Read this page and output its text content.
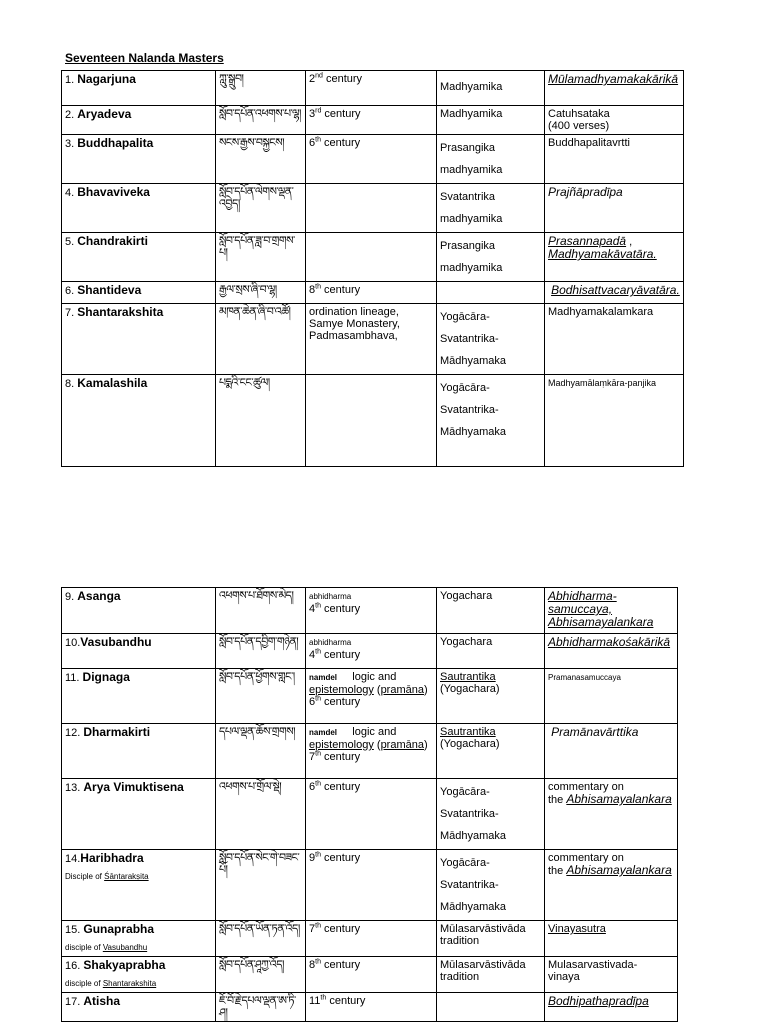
Seventeen Nalanda Masters
1. Nagarjuna	ཀླུ་སྒྲུབ།	2nd century	Madhyamika	Mūlamadhyamakakārikā
2. Aryadeva	སློབ་དཔོན་འཕགས་པ་ལྷ།	3rd century	Madhyamika	Catuhsataka
(400 verses)
3. Buddhapalita	སངས་རྒྱས་བསྐྱངས།	6th century	Prasangika
madhyamika	Buddhapalitavrtti
4. Bhavaviveka	སློབ་དཔོན་ལེགས་ལྡན་འབྱེད།		Svatantrika
madhyamika	Prajñāpradīpa
5. Chandrakirti	སློབ་དཔོན་ཟླ་བ་གྲགས་པ།		Prasangika
madhyamika	Prasannapadā ,
Madhyamakāvatāra.
6. Shantideva	རྒྱལ་སྲས་ཞི་བ་ལྷ།	8th century		Bodhisattvacaryāvatāra.
7. Shantarakshita	མཁན་ཆེན་ཞི་བ་འཚོ།	ordination lineage,
Samye Monastery,
Padmasambhava,	Yogācāra-
Svatantrika-
Mādhyamaka	Madhyamakalamkara
8. Kamalashila	པདྨའི་ངང་ཚུལ།		Yogācāra-
Svatantrika-
Mādhyamaka	Madhyamālaṃkāra-panjika
9. Asanga	འཕགས་པ་ཐོགས་མེད།	abhidharma
4th century	Yogachara	Abhidharma-samuccaya,
Abhisamayalankara
10.Vasubandhu	སློབ་དཔོན་དབྱིག་གཉེན།	abhidharma
4th century	Yogachara	Abhidharmakośakārikā
11. Dignaga	སློབ་དཔོན་ཕྱོགས་གླང་།	namdel logic and
epistemology (pramāna)
6th century	Sautrantika
(Yogachara)	Pramanasamuccaya
12. Dharmakirti	དཔལ་ལྡན་ཆོས་གྲགས།	namdel logic and
epistemology (pramāna)
7th century	Sautrantika
(Yogachara)	Pramānavārttika
13. Arya Vimuktisena	འཕགས་པ་གྲོལ་སྡེ།	6th century	Yogācāra-
Svatantrika-
Mādhyamaka	commentary on
the Abhisamayalankara
14.Haribhadra
Disciple of Śāntarakṣita	སློབ་དཔོན་སེང་གེ་བཟང་པོ།	9th century	Yogācāra-
Svatantrika-
Mādhyamaka	commentary on
the Abhisamayalankara
15. Gunaprabha
disciple of Vasubandhu	སློབ་དཔོན་ཡོན་ཏན་འོད།	7th century	Mūlasarvāstivāda
tradition	Vinayasutra
16. Shakyaprabha
disciple of Shantarakshita	སློབ་དཔོན་ཤཱཀྱ་འོད།	8th century	Mūlasarvāstivāda
tradition	Mulasarvastivada-
vinaya
17. Atisha	ཇོ་བོ་རྗེ་དཔལ་ལྡན་ཨ་ཏི་ཤ།	11th century		Bodhipathapradīpa
